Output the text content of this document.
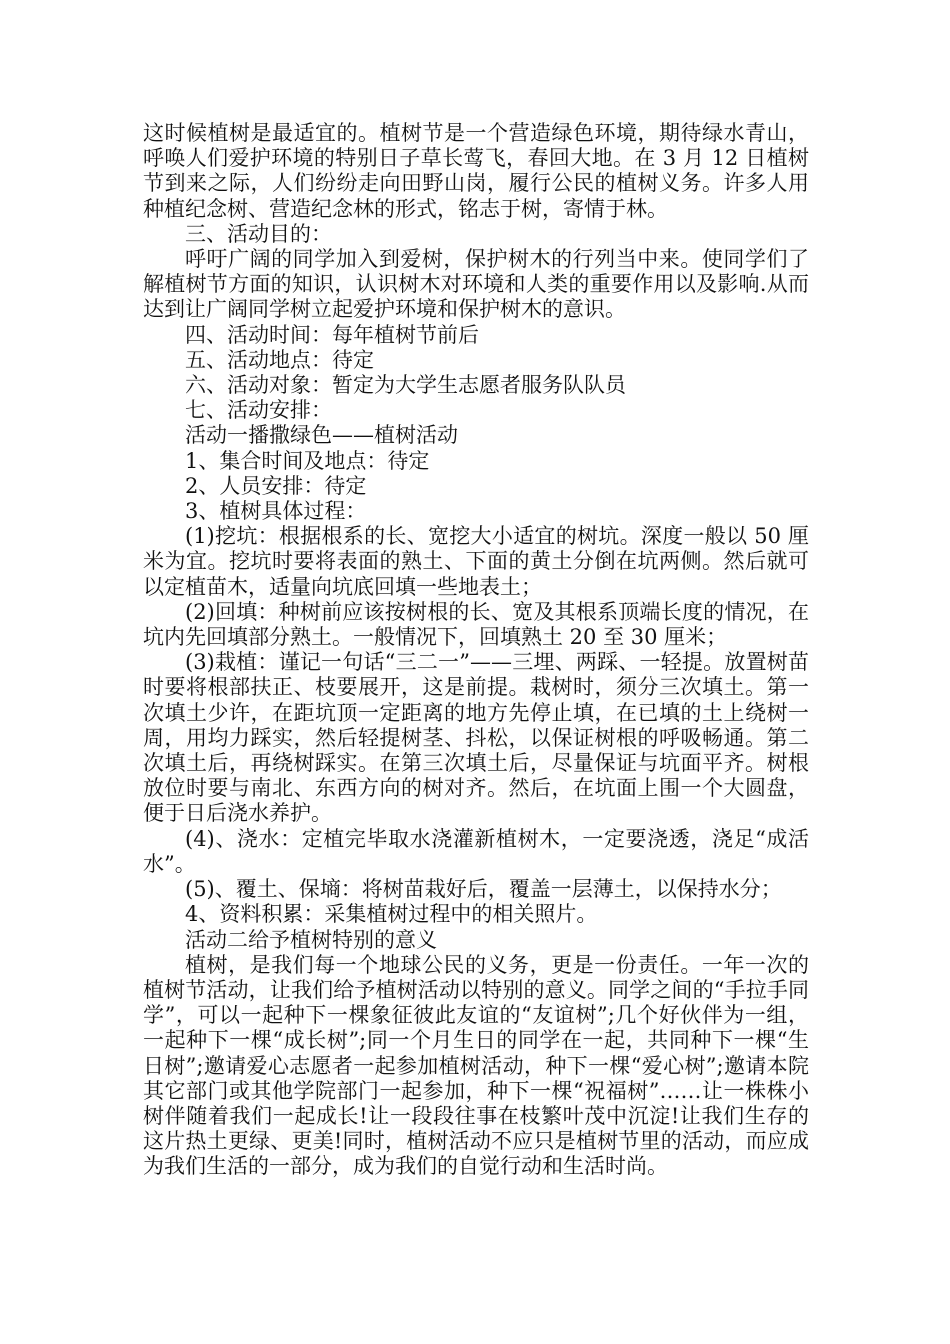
这时候植树是最适宜的。植树节是一个营造绿色环境，期待绿水青山，呼唤人们爱护环境的特别日子草长莺飞，春回大地。在 3 月 12 日植树节到来之际，人们纷纷走向田野山岗，履行公民的植树义务。许多人用种植纪念树、营造纪念林的形式，铭志于树，寄情于林。

三、活动目的：

呼吁广阔的同学加入到爱树，保护树木的行列当中来。使同学们了解植树节方面的知识，认识树木对环境和人类的重要作用以及影响.从而达到让广阔同学树立起爱护环境和保护树木的意识。

四、活动时间：每年植树节前后

五、活动地点：待定

六、活动对象：暂定为大学生志愿者服务队队员

七、活动安排：

活动一播撒绿色——植树活动

1、集合时间及地点：待定

2、人员安排：待定

3、植树具体过程：

(1)挖坑：根据根系的长、宽挖大小适宜的树坑。深度一般以 50 厘米为宜。挖坑时要将表面的熟土、下面的黄土分倒在坑两侧。然后就可以定植苗木，适量向坑底回填一些地表土；

(2)回填：种树前应该按树根的长、宽及其根系顶端长度的情况，在坑内先回填部分熟土。一般情况下，回填熟土 20 至 30 厘米；

(3)栽植：谨记一句话“三二一”——三埋、两踩、一轻提。放置树苗时要将根部扶正、枝要展开，这是前提。栽树时，须分三次填土。第一次填土少许，在距坑顶一定距离的地方先停止填，在已填的土上绕树一周，用均力踩实，然后轻提树茎、抖松，以保证树根的呼吸畅通。第二次填土后，再绕树踩实。在第三次填土后，尽量保证与坑面平齐。树根放位时要与南北、东西方向的树对齐。然后，在坑面上围一个大圆盘，便于日后浇水养护。

(4)、浇水：定植完毕取水浇灌新植树木，一定要浇透，浇足“成活水”。

(5)、覆土、保墒：将树苗栽好后，覆盖一层薄土，以保持水分；

4、资料积累：采集植树过程中的相关照片。

活动二给予植树特别的意义

植树，是我们每一个地球公民的义务，更是一份责任。一年一次的植树节活动，让我们给予植树活动以特别的意义。同学之间的“手拉手同学”，可以一起种下一棵象征彼此友谊的“友谊树”;几个好伙伴为一组，一起种下一棵“成长树”;同一个月生日的同学在一起，共同种下一棵“生日树”;邀请爱心志愿者一起参加植树活动，种下一棵“爱心树”;邀请本院其它部门或其他学院部门一起参加，种下一棵“祝福树”……让一株株小树伴随着我们一起成长!让一段段往事在枝繁叶茂中沉淀!让我们生存的这片热土更绿、更美!同时，植树活动不应只是植树节里的活动，而应成为我们生活的一部分，成为我们的自觉行动和生活时尚。
